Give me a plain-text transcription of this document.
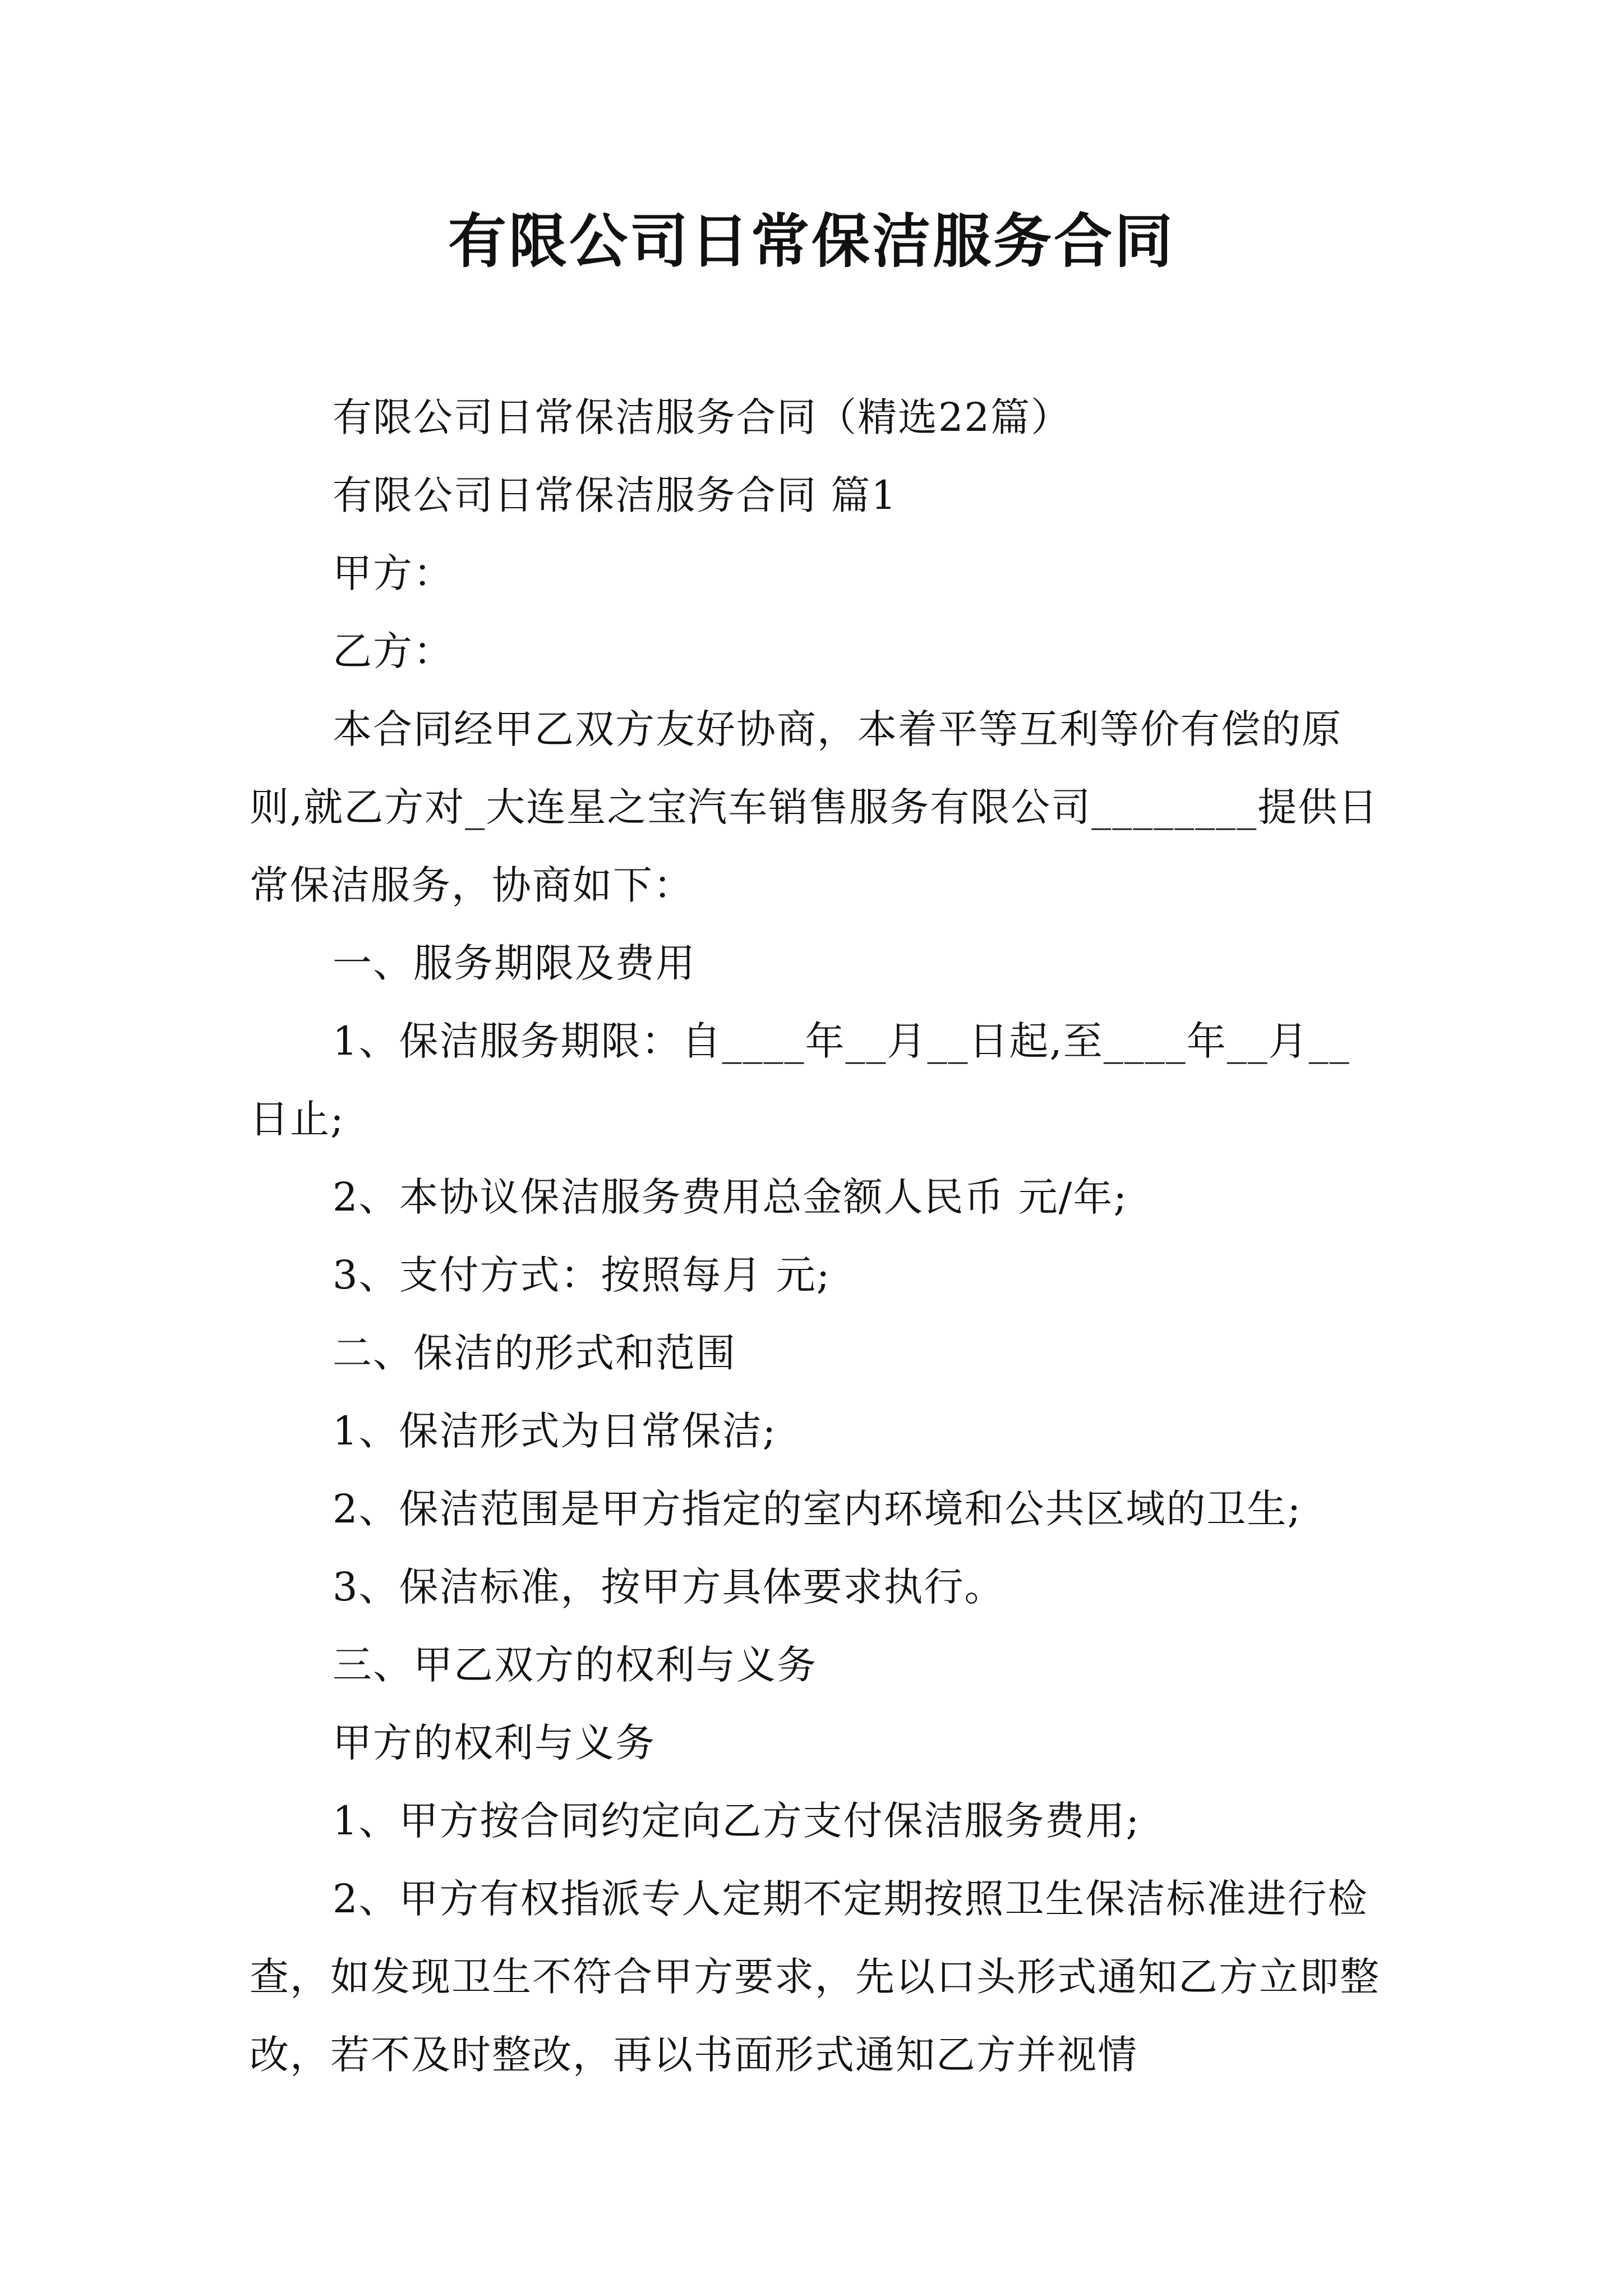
有限公司日常保洁服务合同

有限公司日常保洁服务合同（精选22篇）

有限公司日常保洁服务合同 篇1

甲方：

乙方：

本合同经甲乙双方友好协商，本着平等互利等价有偿的原则,就乙方对_大连星之宝汽车销售服务有限公司________提供日常保洁服务，协商如下：

一、服务期限及费用

1、保洁服务期限：自____年__月__日起,至____年__月__日止;

2、本协议保洁服务费用总金额人民币 元/年;

3、支付方式：按照每月 元;

二、保洁的形式和范围

1、保洁形式为日常保洁;

2、保洁范围是甲方指定的室内环境和公共区域的卫生;

3、保洁标准，按甲方具体要求执行。

三、甲乙双方的权利与义务

甲方的权利与义务

1、甲方按合同约定向乙方支付保洁服务费用;

2、甲方有权指派专人定期不定期按照卫生保洁标准进行检查，如发现卫生不符合甲方要求，先以口头形式通知乙方立即整改，若不及时整改，再以书面形式通知乙方并视情
